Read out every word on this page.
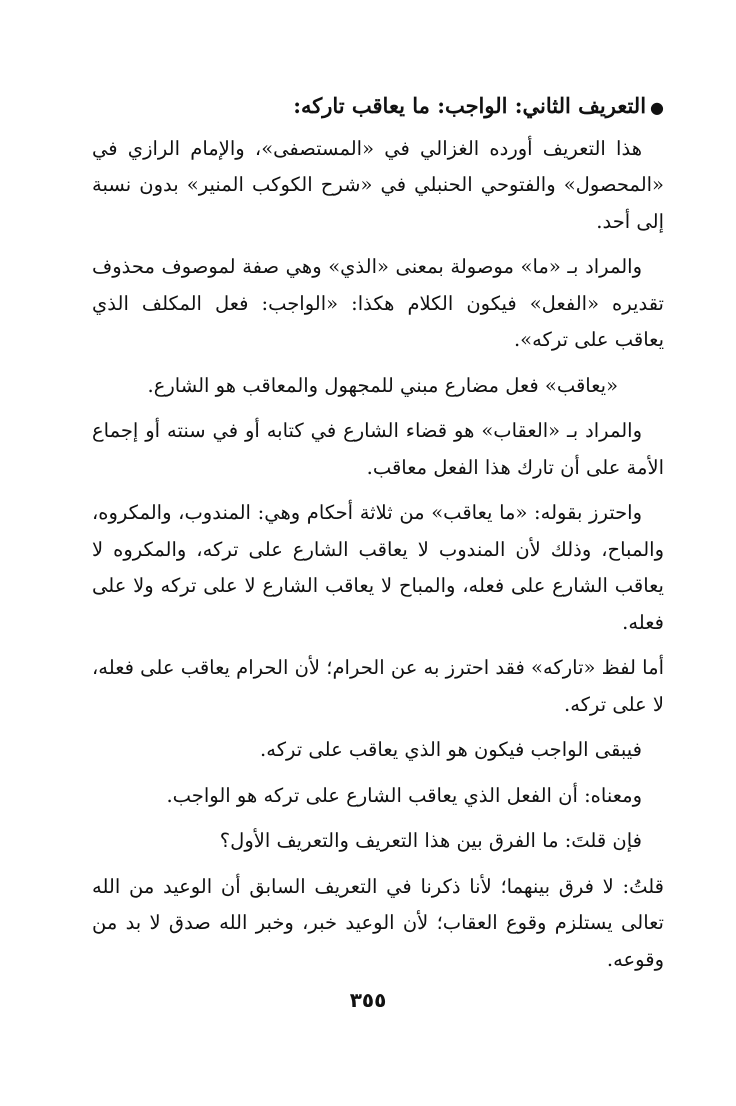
●التعريف الثاني: الواجب: ما يعاقب تاركه:

هذا التعريف أورده الغزالي في «المستصفى»، والإمام الرازي في «المحصول» والفتوحي الحنبلي في «شرح الكوكب المنير» بدون نسبة إلى أحد.

والمراد بـ «ما» موصولة بمعنى «الذي» وهي صفة لموصوف محذوف تقديره «الفعل» فيكون الكلام هكذا: «الواجب: فعل المكلف الذي يعاقب على تركه».

«يعاقب» فعل مضارع مبني للمجهول والمعاقب هو الشارع.

والمراد بـ «العقاب» هو قضاء الشارع في كتابه أو في سنته أو إجماع الأمة على أن تارك هذا الفعل معاقب.

واحترز بقوله: «ما يعاقب» من ثلاثة أحكام وهي: المندوب، والمكروه، والمباح، وذلك لأن المندوب لا يعاقب الشارع على تركه، والمكروه لا يعاقب الشارع على فعله، والمباح لا يعاقب الشارع لا على تركه ولا على فعله.

أما لفظ «تاركه» فقد احترز به عن الحرام؛ لأن الحرام يعاقب على فعله، لا على تركه.

فيبقى الواجب فيكون هو الذي يعاقب على تركه.

ومعناه: أن الفعل الذي يعاقب الشارع على تركه هو الواجب.

فإن قلتَ: ما الفرق بين هذا التعريف والتعريف الأول؟

قلتُ: لا فرق بينهما؛ لأنا ذكرنا في التعريف السابق أن الوعيد من الله تعالى يستلزم وقوع العقاب؛ لأن الوعيد خبر، وخبر الله صدق لا بد من وقوعه.

٣٥٥
